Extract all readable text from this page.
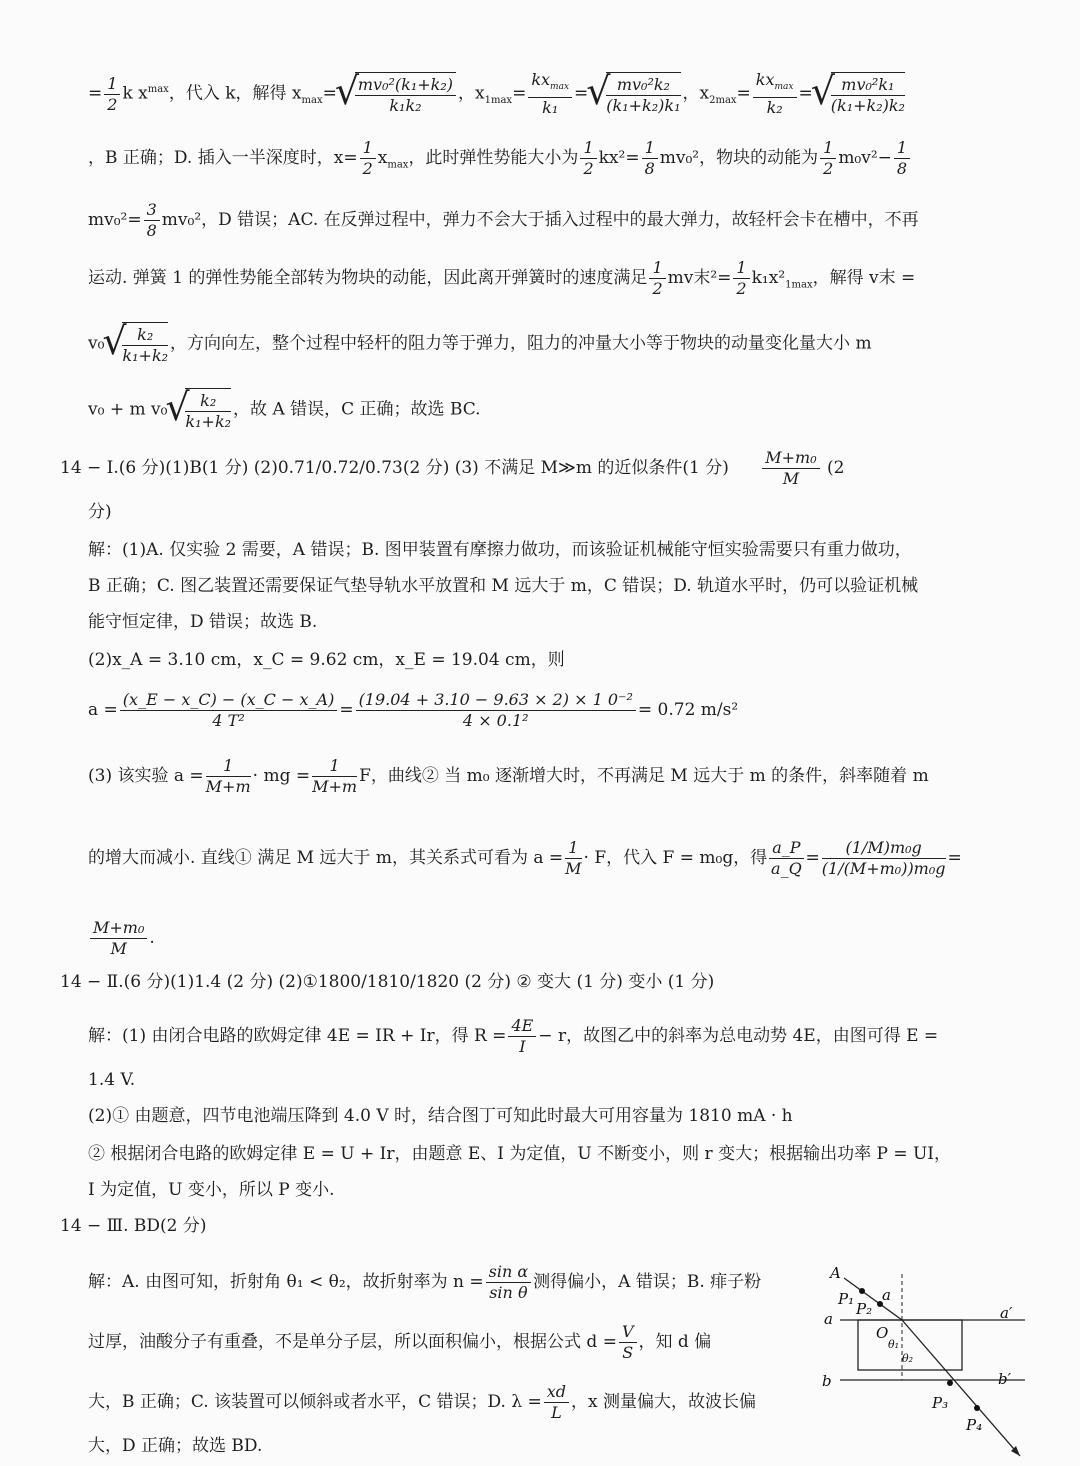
= $\frac{1}{2}$ k $x^{max}$，代入 k，解得 $x_{max}=$ √ $\frac{\text{mv₀²(k₁+k₂)}}{\text{k₁k₂}}$ ，$x_{1max}= \frac{kx_{max}}{\text{k₁}}$ = √ $\frac{\text{mv₀²k₂}}{\text{(k₁+k₂)k₁}}$ ，$x_{2max}= \frac{kx_{max}}{\text{k₂}}$ = √ $\frac{\text{mv₀²k₁}}{\text{(k₁+k₂)k₂}}$
，B 正确；D. 插入一半深度时，$x= \frac{1}{2} x_{max}$，此时弹性势能大小为 $\frac{1}{2} kx^2= \frac{1}{8} mv_0^2$，物块的动能为 $\frac{1}{2} m_0v^2- \frac{1}{8}$
$mv_0^2= \frac{3}{8} mv_0^2$，D 错误；AC. 在反弹过程中，弹力不会大于插入过程中的最大弹力，故轻杆会卡在槽中，不再
运动. 弹簧 1 的弹性势能全部转为物块的动能，因此离开弹簧时的速度满足 $\frac{1}{2}$ mv末$^2= \frac{1}{2} k_1x^2_{1max}$，解得 v末 =
v₀ √ $\frac{\text{k₂}}{\text{k₁+k₂}}$ ，方向向左，整个过程中轻杆的阻力等于弹力，阻力的冲量大小等于物块的动量变化量大小 m
v₀ + m v₀ √ $\frac{\text{k₂}}{\text{k₁+k₂}}$ ，故 A 错误，C 正确；故选 BC.
14 − Ⅰ.(6 分)(1)B(1 分) (2)0.71/0.72/0.73(2 分) (3) 不满足 M≫m 的近似条件(1 分) $\frac{\text{M+m₀}}{M} (2$
分)
解：(1)A. 仅实验 2 需要，A 错误；B. 图甲装置有摩擦力做功，而该验证机械能守恒实验需要只有重力做功，
B 正确；C. 图乙装置还需要保证气垫导轨水平放置和 M 远大于 m，C 错误；D. 轨道水平时，仍可以验证机械
能守恒定律，D 错误；故选 B.
(2)x_A = 3.10 cm，x_C = 9.62 cm，x_E = 19.04 cm，则
$a = \frac{(x\_E - x\_C) - (x\_C - x\_A)}{\text{4 T²}} = \frac{\text{(19.04 + 3.10 − 9.63 × 2) × 1 0⁻²}}{\text{4 × 0.1²}} = 0.72$ m/s²
(3) 该实验 $a = \frac{1}{M+m}$ · mg = $\frac{1}{M+m}$ F，曲线② 当 m₀ 逐渐增大时，不再满足 M 远大于 m 的条件，斜率随着 m
的增大而减小. 直线① 满足 M 远大于 m，其关系式可看为 $a = \frac{1}{M} \cdot F$，代入 F = m₀g，得 $\frac{a\_P}{a\_Q} = \frac{\text{(1/M)m₀g}}{\text{(1/(M+m₀))m₀g}}$ =
$\frac{\text{M+m₀}}{M}$ .
14 − Ⅱ.(6 分)(1)1.4 (2 分) (2)①1800/1810/1820 (2 分) ② 变大 (1 分) 变小 (1 分)
解：(1) 由闭合电路的欧姆定律 4E = IR + Ir，得 $R = \frac{4E}{I} - r$，故图乙中的斜率为总电动势 4E，由图可得 E =
1.4 V.
(2)① 由题意，四节电池端压降到 4.0 V 时，结合图丁可知此时最大可用容量为 1810 mA · h
② 根据闭合电路的欧姆定律 E = U + Ir，由题意 E、I 为定值，U 不断变小，则 r 变大；根据输出功率 P = UI，
I 为定值，U 变小，所以 P 变小.
14 − Ⅲ. BD(2 分)
解：A. 由图可知，折射角 θ₁ < θ₂，故折射率为 $n = \frac{\text{sin α}}{\text{sin θ}}$ 测得偏小，A 错误；B. 痱子粉
过厚，油酸分子有重叠，不是单分子层，所以面积偏小，根据公式 $d = \frac{V}{S}$ ，知 d 偏
大，B 正确；C. 该装置可以倾斜或者水平，C 错误；D. $\lambda = \frac{xd}{L}$ ，x 测量偏大，故波长偏
大，D 正确；故选 BD.
A
P₁
P₂
a
a	a′
O
θ₁
θ₂
b	b′
P₃
P₄
